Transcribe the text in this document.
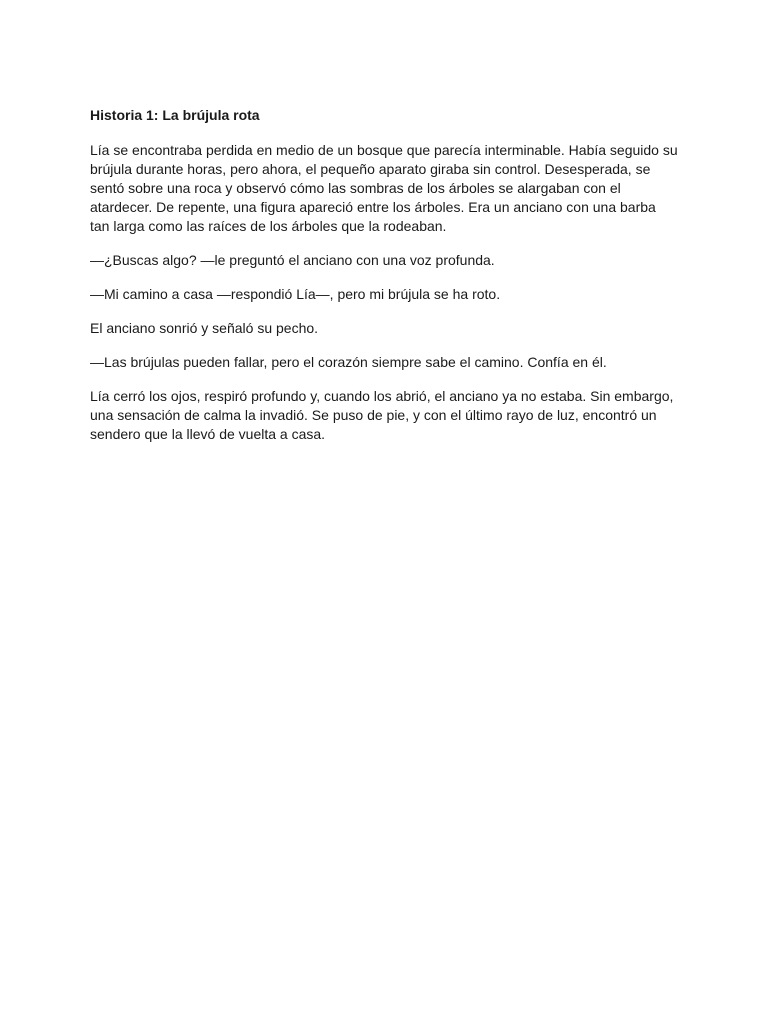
Historia 1: La brújula rota

Lía se encontraba perdida en medio de un bosque que parecía interminable. Había seguido su brújula durante horas, pero ahora, el pequeño aparato giraba sin control. Desesperada, se sentó sobre una roca y observó cómo las sombras de los árboles se alargaban con el atardecer. De repente, una figura apareció entre los árboles. Era un anciano con una barba tan larga como las raíces de los árboles que la rodeaban.

—¿Buscas algo? —le preguntó el anciano con una voz profunda.

—Mi camino a casa —respondió Lía—, pero mi brújula se ha roto.

El anciano sonrió y señaló su pecho.

—Las brújulas pueden fallar, pero el corazón siempre sabe el camino. Confía en él.

Lía cerró los ojos, respiró profundo y, cuando los abrió, el anciano ya no estaba. Sin embargo, una sensación de calma la invadió. Se puso de pie, y con el último rayo de luz, encontró un sendero que la llevó de vuelta a casa.
